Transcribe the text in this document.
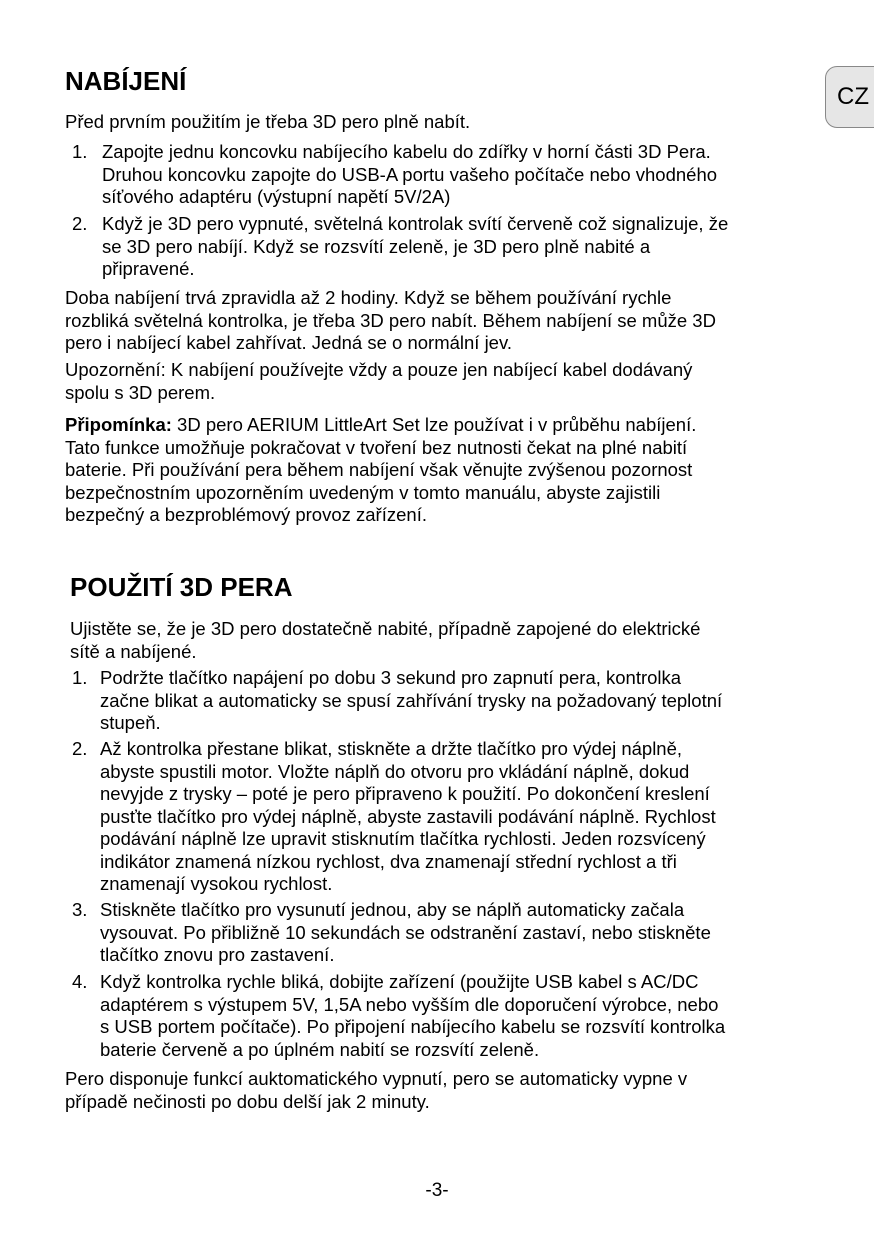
CZ
NABÍJENÍ

Před prvním použitím je třeba 3D pero plně nabít.

1. Zapojte jednu koncovku nabíjecího kabelu do zdířky v horní části 3D Pera.
Druhou koncovku zapojte do USB-A portu vašeho počítače nebo vhodného
síťového adaptéru (výstupní napětí 5V/2A)
2. Když je 3D pero vypnuté, světelná kontrolak svítí červeně což signalizuje, že
se 3D pero nabíjí. Když se rozsvítí zeleně, je 3D pero plně nabité a
připravené.

Doba nabíjení trvá zpravidla až 2 hodiny. Když se během používání rychle
rozbliká světelná kontrolka, je třeba 3D pero nabít. Během nabíjení se může 3D
pero i nabíjecí kabel zahřívat. Jedná se o normální jev.

Upozornění: K nabíjení používejte vždy a pouze jen nabíjecí kabel dodávaný
spolu s 3D perem.

Připomínka: 3D pero AERIUM LittleArt Set lze používat i v průběhu nabíjení.
Tato funkce umožňuje pokračovat v tvoření bez nutnosti čekat na plné nabití
baterie. Při používání pera během nabíjení však věnujte zvýšenou pozornost
bezpečnostním upozorněním uvedeným v tomto manuálu, abyste zajistili
bezpečný a bezproblémový provoz zařízení.

POUŽITÍ 3D PERA

Ujistěte se, že je 3D pero dostatečně nabité, případně zapojené do elektrické
sítě a nabíjené.

1. Podržte tlačítko napájení po dobu 3 sekund pro zapnutí pera, kontrolka
začne blikat a automaticky se spusí zahřívání trysky na požadovaný teplotní
stupeň.
2. Až kontrolka přestane blikat, stiskněte a držte tlačítko pro výdej náplně,
abyste spustili motor. Vložte náplň do otvoru pro vkládání náplně, dokud
nevyjde z trysky – poté je pero připraveno k použití. Po dokončení kreslení
pusťte tlačítko pro výdej náplně, abyste zastavili podávání náplně. Rychlost
podávání náplně lze upravit stisknutím tlačítka rychlosti. Jeden rozsvícený
indikátor znamená nízkou rychlost, dva znamenají střední rychlost a tři
znamenají vysokou rychlost.
3. Stiskněte tlačítko pro vysunutí jednou, aby se náplň automaticky začala
vysouvat. Po přibližně 10 sekundách se odstranění zastaví, nebo stiskněte
tlačítko znovu pro zastavení.
4. Když kontrolka rychle bliká, dobijte zařízení (použijte USB kabel s AC/DC
adaptérem s výstupem 5V, 1,5A nebo vyšším dle doporučení výrobce, nebo
s USB portem počítače). Po připojení nabíjecího kabelu se rozsvítí kontrolka
baterie červeně a po úplném nabití se rozsvítí zeleně.

Pero disponuje funkcí auktomatického vypnutí, pero se automaticky vypne v
případě nečinosti po dobu delší jak 2 minuty.

-3-
